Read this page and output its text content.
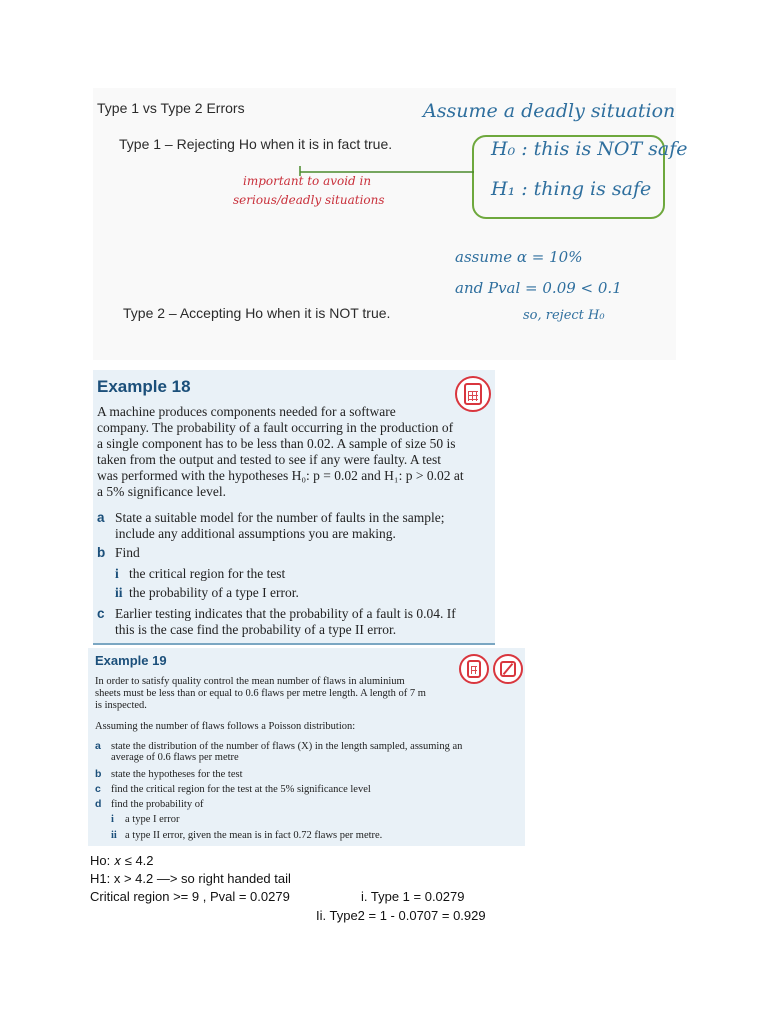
Type 1 vs Type 2 Errors
Type 1 – Rejecting Ho when it is in fact true.
Type 2 – Accepting Ho when it is NOT true.
Assume a deadly situation
H₀ : this is NOT safe
H₁ : thing is safe
important to avoid in
serious/deadly situations
assume α = 10%
and Pval = 0.09 < 0.1
so, reject H₀
Example 18
A machine produces components needed for a software
company. The probability of a fault occurring in the production of
a single component has to be less than 0.02. A sample of size 50 is
taken from the output and tested to see if any were faulty. A test
was performed with the hypotheses H₀: p = 0.02 and H₁: p > 0.02 at
a 5% significance level.
a State a suitable model for the number of faults in the sample;
include any additional assumptions you are making.
b Find
i the critical region for the test
ii the probability of a type I error.
c Earlier testing indicates that the probability of a fault is 0.04. If
this is the case find the probability of a type II error.
Example 19
In order to satisfy quality control the mean number of flaws in aluminium
sheets must be less than or equal to 0.6 flaws per metre length. A length of 7 m
is inspected.
Assuming the number of flaws follows a Poisson distribution:
a state the distribution of the number of flaws (X) in the length sampled, assuming an
average of 0.6 flaws per metre
b state the hypotheses for the test
c find the critical region for the test at the 5% significance level
d find the probability of
i a type I error
ii a type II error, given the mean is in fact 0.72 flaws per metre.
Ho: 𝑥 ≤ 4.2
H1: x > 4.2 —> so right handed tail
Critical region >= 9 , Pval = 0.0279	i. Type 1 = 0.0279
Ii. Type2 = 1 - 0.0707 = 0.929
